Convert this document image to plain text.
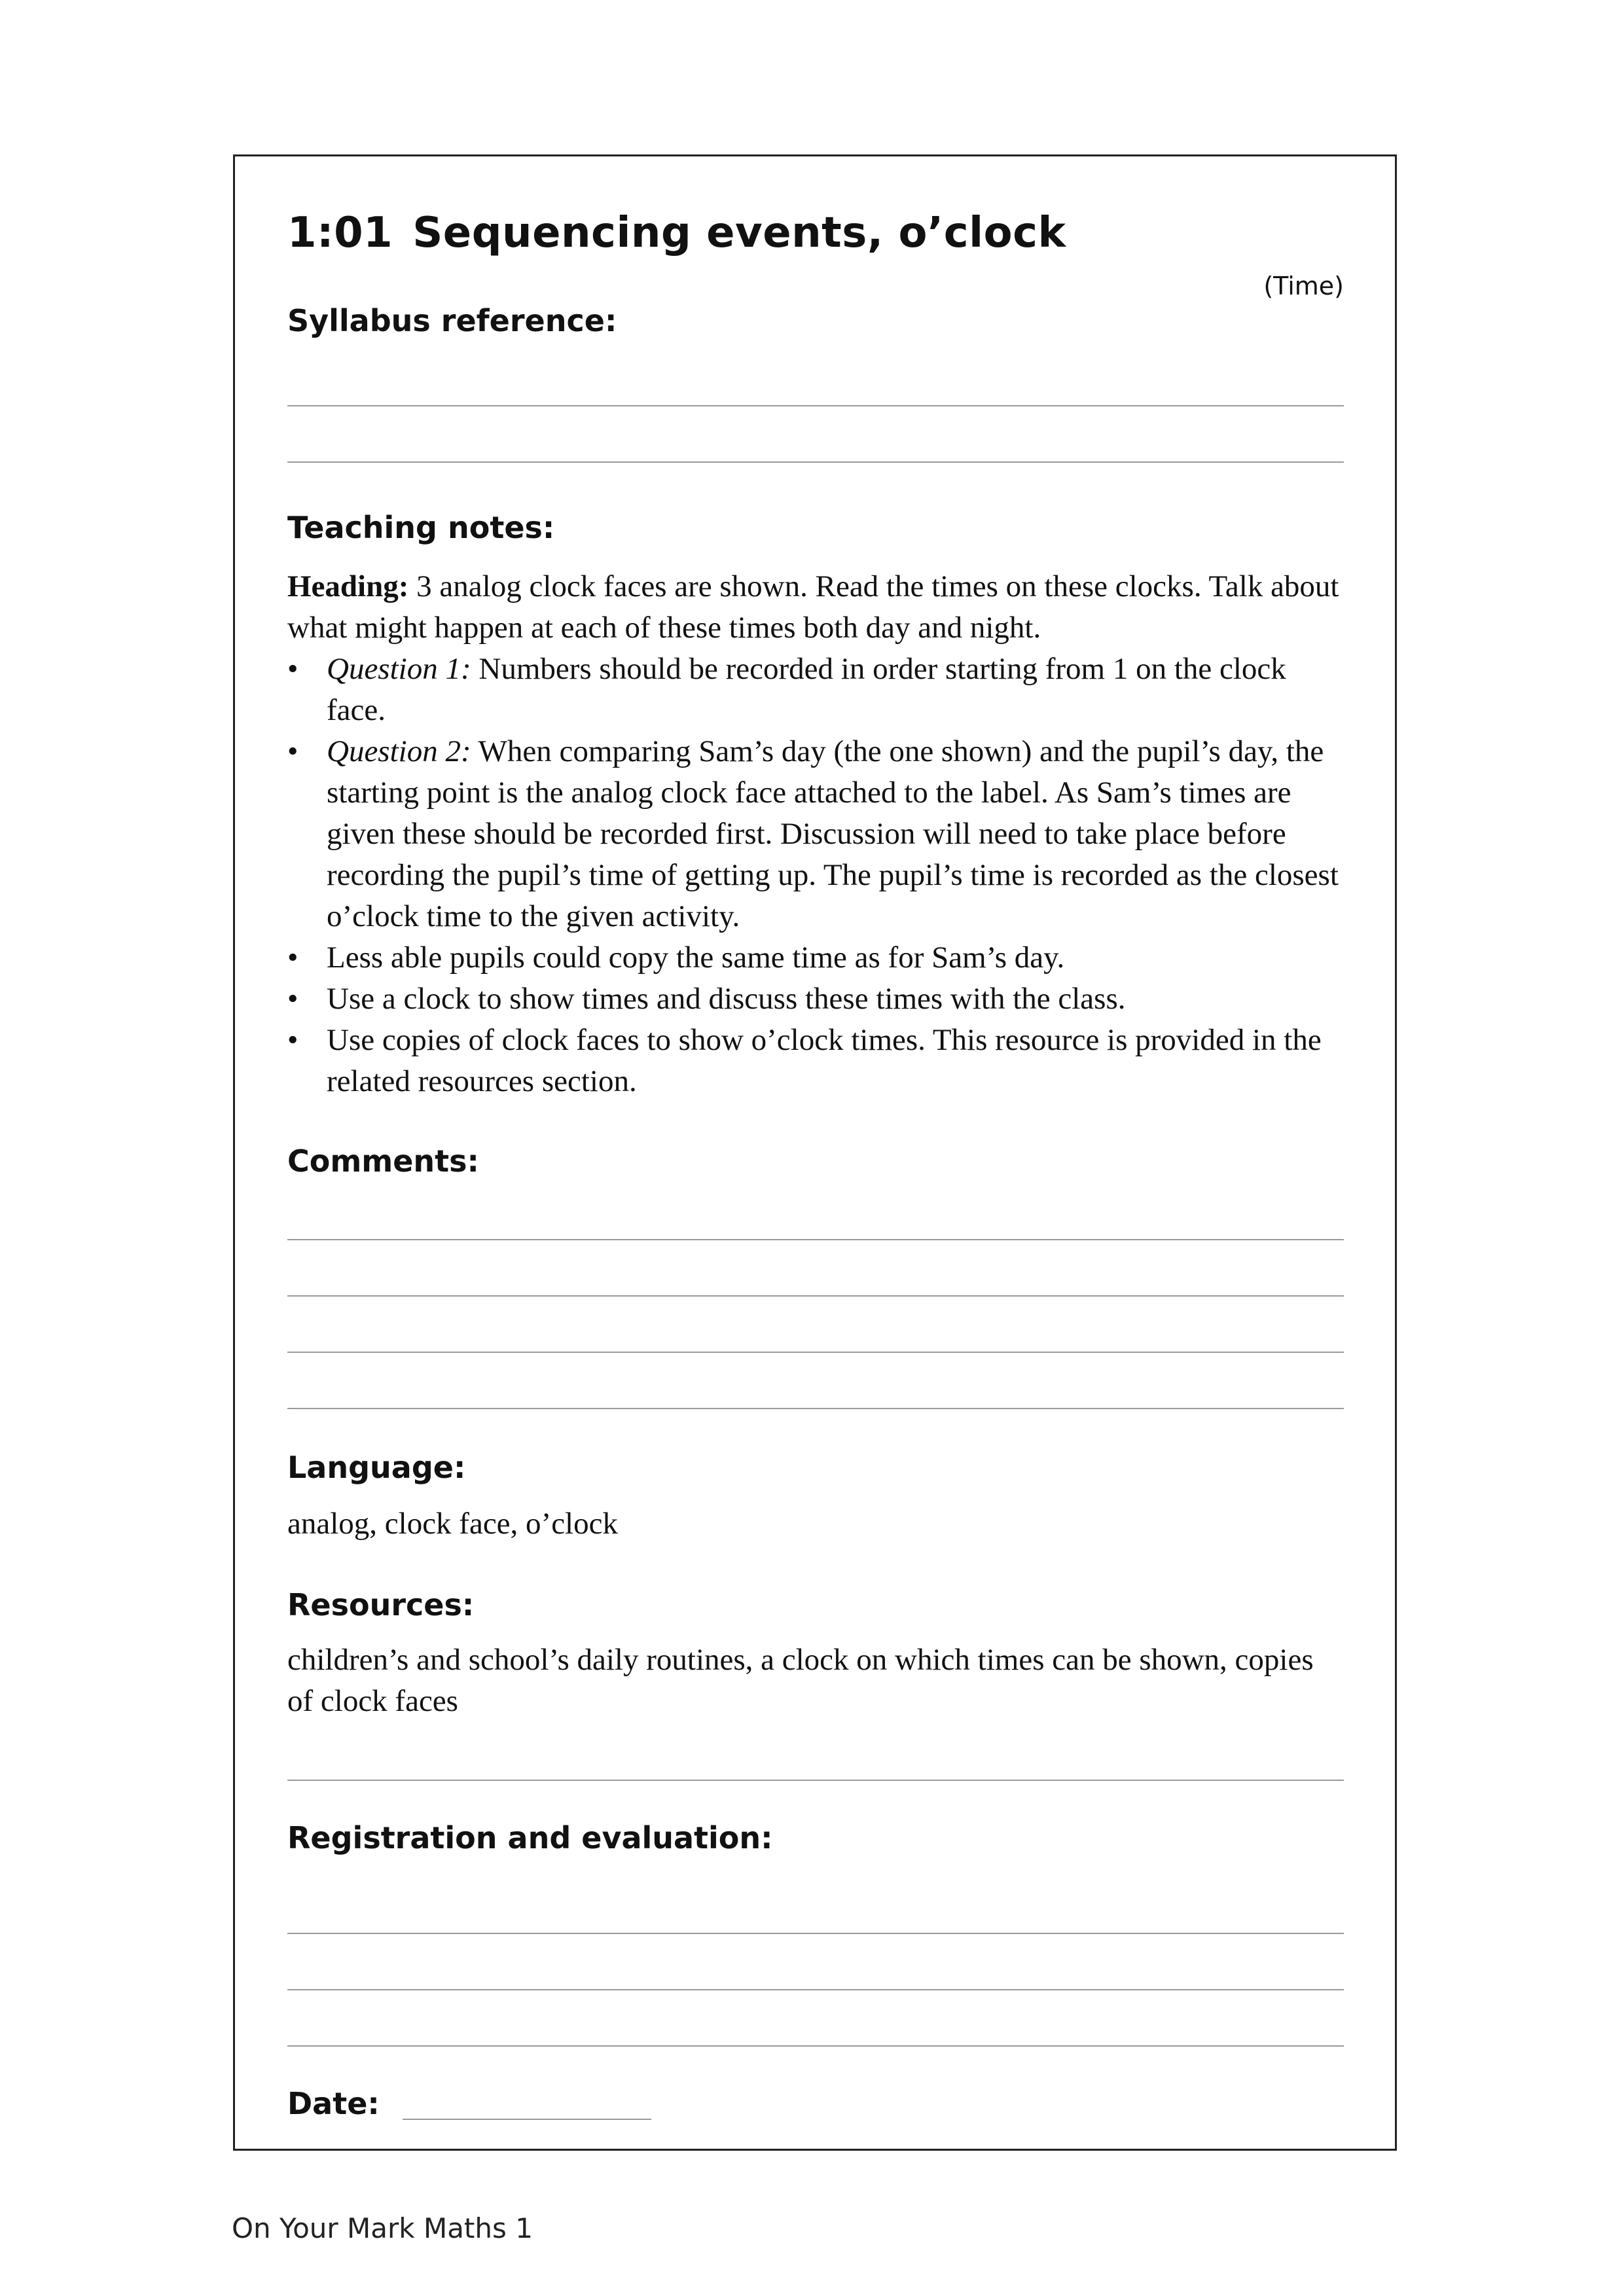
1:01 Sequencing events, o’clock
(Time)
Syllabus reference:
Teaching notes:
Heading: 3 analog clock faces are shown. Read the times on these clocks. Talk about what might happen at each of these times both day and night.
• Question 1: Numbers should be recorded in order starting from 1 on the clock face.
• Question 2: When comparing Sam’s day (the one shown) and the pupil’s day, the starting point is the analog clock face attached to the label. As Sam’s times are given these should be recorded first. Discussion will need to take place before recording the pupil’s time of getting up. The pupil’s time is recorded as the closest o’clock time to the given activity.
• Less able pupils could copy the same time as for Sam’s day.
• Use a clock to show times and discuss these times with the class.
• Use copies of clock faces to show o’clock times. This resource is provided in the related resources section.
Comments:
Language:
analog, clock face, o’clock
Resources:
children’s and school’s daily routines, a clock on which times can be shown, copies of clock faces
Registration and evaluation:
Date:
On Your Mark Maths 1
